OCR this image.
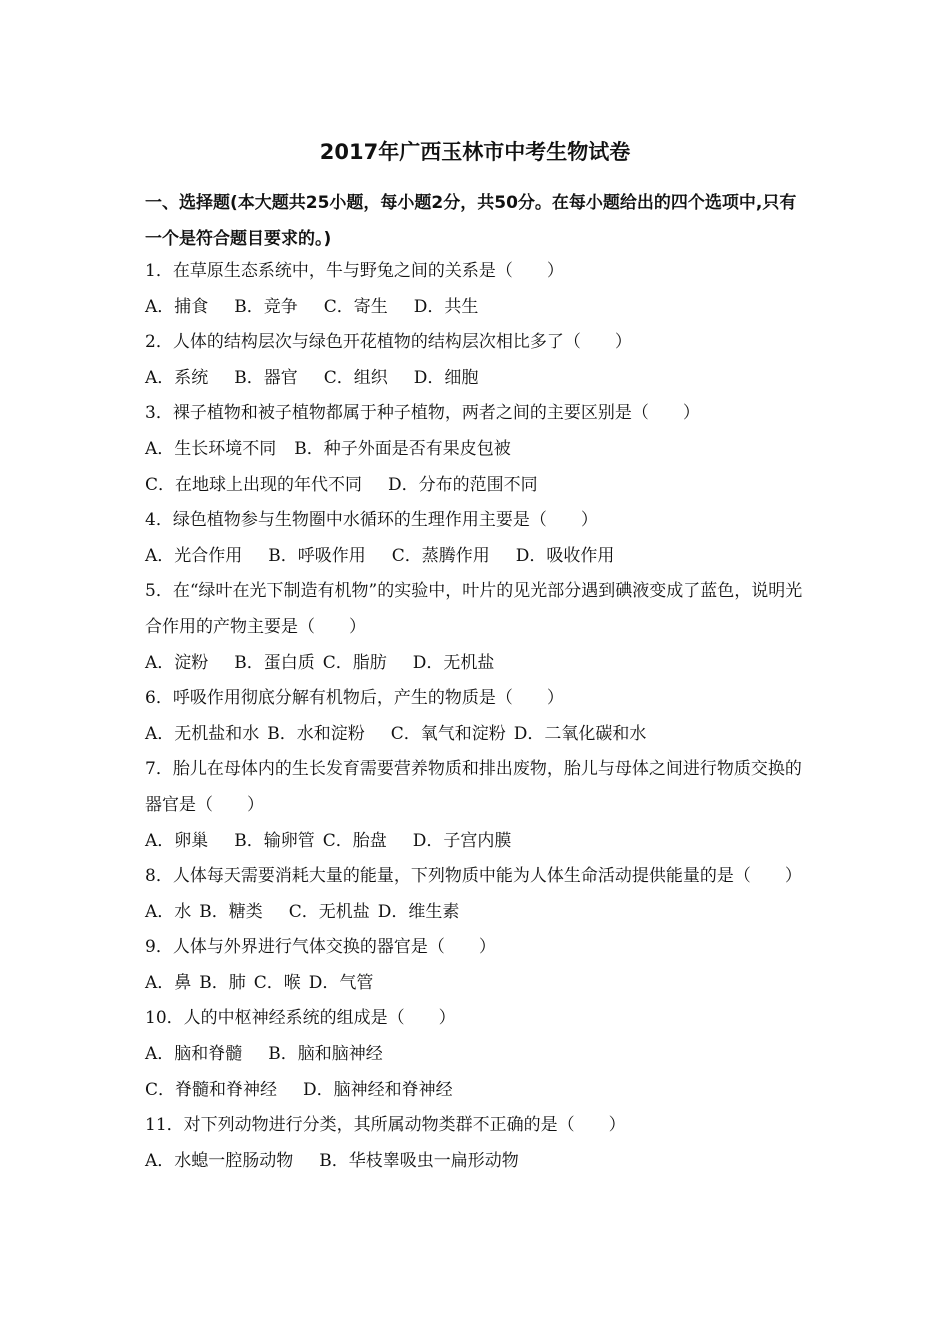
2017年广西玉林市中考生物试卷
一、选择题(本大题共25小题，每小题2分，共50分。在每小题给出的四个选项中,只有一个是符合题目要求的。)
1．在草原生态系统中，牛与野兔之间的关系是（　　）
A．捕食 B．竞争 C．寄生 D．共生
2．人体的结构层次与绿色开花植物的结构层次相比多了（　　）
A．系统 B．器官 C．组织 D．细胞
3．裸子植物和被子植物都属于种子植物，两者之间的主要区别是（　　）
A．生长环境不同 B．种子外面是否有果皮包被
C．在地球上出现的年代不同 D．分布的范围不同
4．绿色植物参与生物圈中水循环的生理作用主要是（　　）
A．光合作用 B．呼吸作用 C．蒸腾作用 D．吸收作用
5．在“绿叶在光下制造有机物”的实验中，叶片的见光部分遇到碘液变成了蓝色，说明光合作用的产物主要是（　　）
A．淀粉 B．蛋白质 C．脂肪 D．无机盐
6．呼吸作用彻底分解有机物后，产生的物质是（　　）
A．无机盐和水 B．水和淀粉 C．氧气和淀粉 D．二氧化碳和水
7．胎儿在母体内的生长发育需要营养物质和排出废物，胎儿与母体之间进行物质交换的器官是（　　）
A．卵巢 B．输卵管 C．胎盘 D．子宫内膜
8．人体每天需要消耗大量的能量，下列物质中能为人体生命活动提供能量的是（　　）
A．水 B．糖类 C．无机盐 D．维生素
9．人体与外界进行气体交换的器官是（　　）
A．鼻 B．肺 C．喉 D．气管
10．人的中枢神经系统的组成是（　　）
A．脑和脊髓 B．脑和脑神经
C．脊髓和脊神经 D．脑神经和脊神经
11．对下列动物进行分类，其所属动物类群不正确的是（　　）
A．水螅一腔肠动物 B．华枝睾吸虫一扁形动物
